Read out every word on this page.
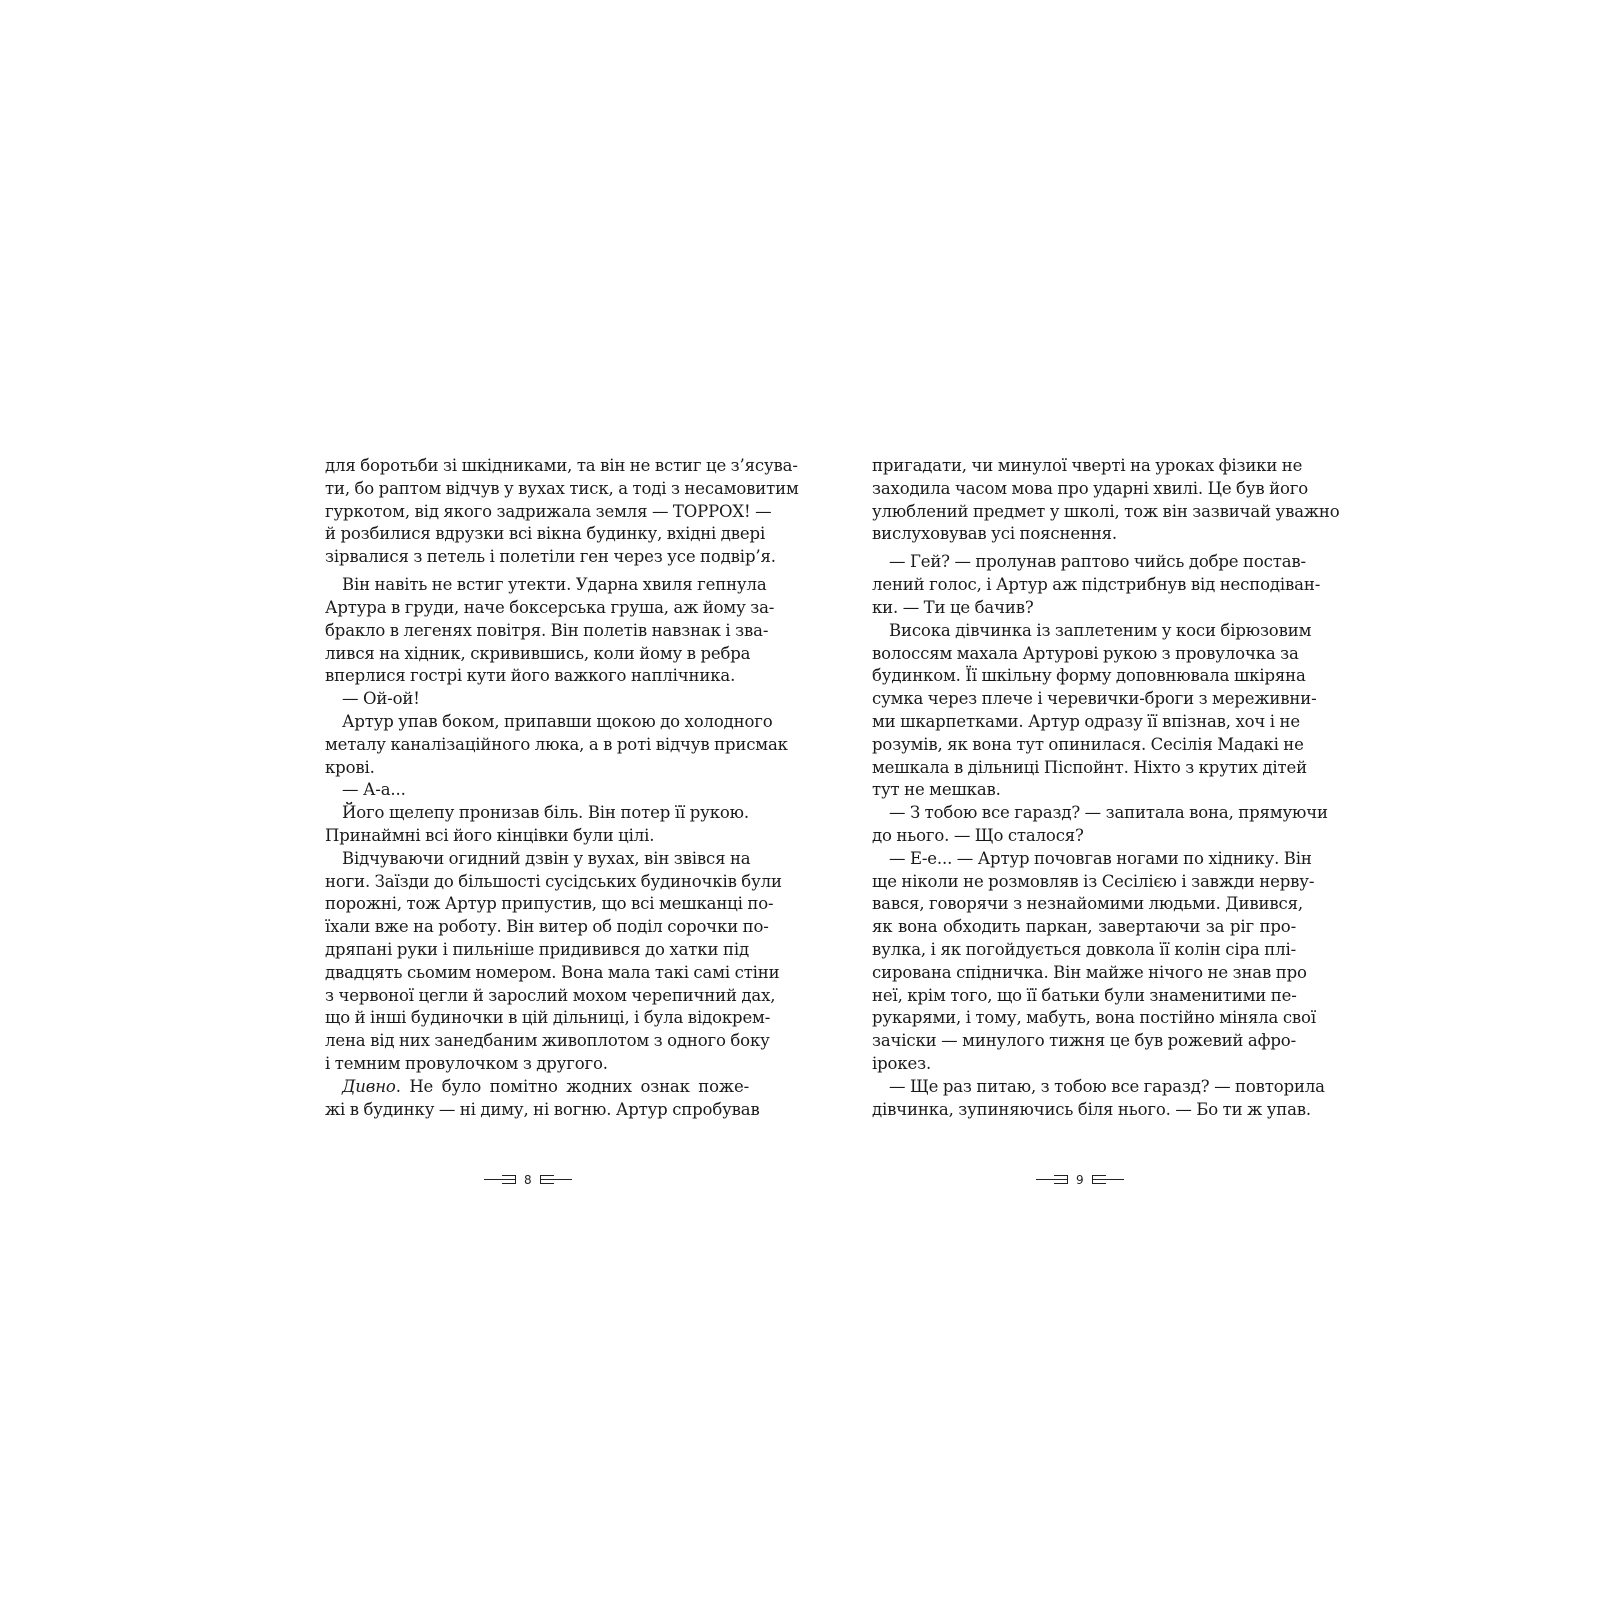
для боротьби зі шкідниками, та він не встиг це з’ясува-
ти, бо раптом відчув у вухах тиск, а тоді з несамовитим
гуркотом, від якого задрижала земля — ТОРРОХ! —
й розбилися вдрузки всі вікна будинку, вхідні двері
зірвалися з петель і полетіли ген через усе подвір’я.
Він навіть не встиг утекти. Ударна хвиля гепнула
Артура в груди, наче боксерська груша, аж йому за-
бракло в легенях повітря. Він полетів навзнак і зва-
лився на хідник, скривившись, коли йому в ребра
вперлися гострі кути його важкого наплічника.
— Ой-ой!
Артур упав боком, припавши щокою до холодного
металу каналізаційного люка, а в роті відчув присмак
крові.
— А-а...
Його щелепу пронизав біль. Він потер її рукою.
Принаймні всі його кінцівки були цілі.
Відчуваючи огидний дзвін у вухах, він звівся на
ноги. Заїзди до більшості сусідських будиночків були
порожні, тож Артур припустив, що всі мешканці по-
їхали вже на роботу. Він витер об поділ сорочки по-
дряпані руки і пильніше придивився до хатки під
двадцять сьомим номером. Вона мала такі самі стіни
з червоної цегли й зарослий мохом черепичний дах,
що й інші будиночки в цій дільниці, і була відокрем-
лена від них занедбаним живоплотом з одного боку
і темним провулочком з другого.
Дивно. Не було помітно жодних ознак поже-
жі в будинку — ні диму, ні вогню. Артур спробував
пригадати, чи минулої чверті на уроках фізики не
заходила часом мова про ударні хвилі. Це був його
улюблений предмет у школі, тож він зазвичай уважно
вислуховував усі пояснення.
— Гей? — пролунав раптово чийсь добре постав-
лений голос, і Артур аж підстрибнув від несподіван-
ки. — Ти це бачив?
Висока дівчинка із заплетеним у коси бірюзовим
волоссям махала Артурові рукою з провулочка за
будинком. Її шкільну форму доповнювала шкіряна
сумка через плече і черевички-броги з мереживни-
ми шкарпетками. Артур одразу її впізнав, хоч і не
розумів, як вона тут опинилася. Сесілія Мадакі не
мешкала в дільниці Піспойнт. Ніхто з крутих дітей
тут не мешкав.
— З тобою все гаразд? — запитала вона, прямуючи
до нього. — Що сталося?
— Е-е... — Артур почовгав ногами по хіднику. Він
ще ніколи не розмовляв із Сесілією і завжди нерву-
вався, говорячи з незнайомими людьми. Дивився,
як вона обходить паркан, завертаючи за ріг про-
вулка, і як погойдується довкола її колін сіра плі-
сирована спідничка. Він майже нічого не знав про
неї, крім того, що її батьки були знаменитими пе-
рукарями, і тому, мабуть, вона постійно міняла свої
зачіски — минулого тижня це був рожевий афро-
ірокез.
— Ще раз питаю, з тобою все гаразд? — повторила
дівчинка, зупиняючись біля нього. — Бо ти ж упав.
8	9
